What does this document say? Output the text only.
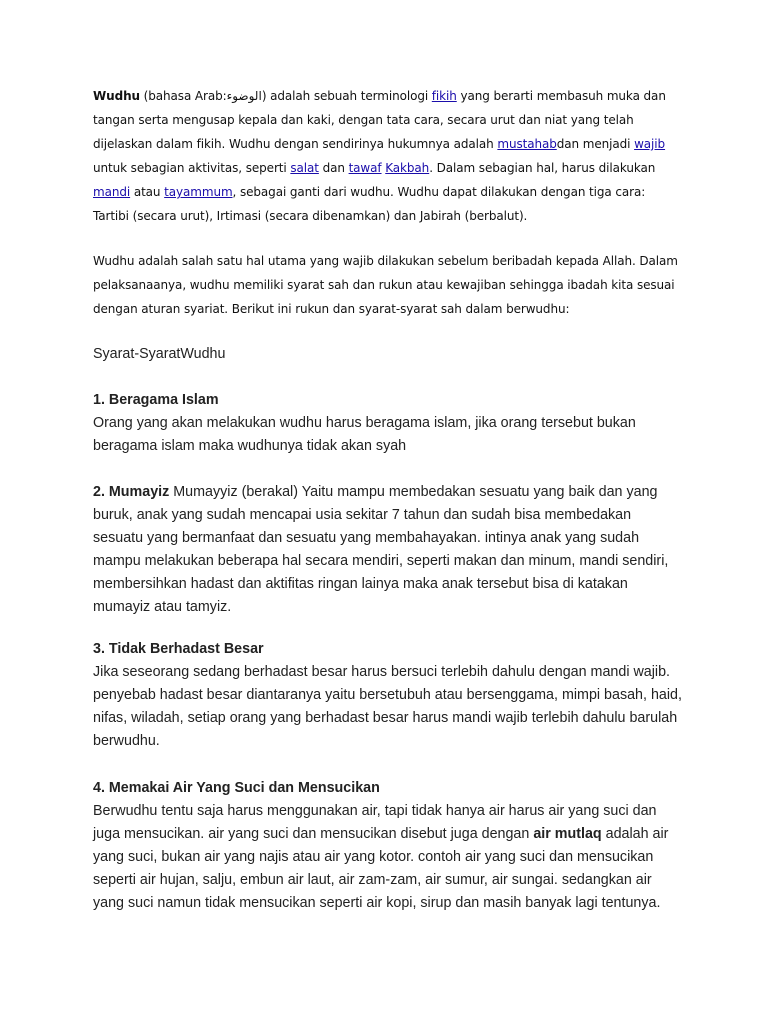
Wudhu (bahasa Arab:الوضوء) adalah sebuah terminologi fikih yang berarti membasuh muka dan tangan serta mengusap kepala dan kaki, dengan tata cara, secara urut dan niat yang telah dijelaskan dalam fikih. Wudhu dengan sendirinya hukumnya adalah mustahabdan menjadi wajib untuk sebagian aktivitas, seperti salat dan tawaf Kakbah. Dalam sebagian hal, harus dilakukan mandi atau tayammum, sebagai ganti dari wudhu. Wudhu dapat dilakukan dengan tiga cara: Tartibi (secara urut), Irtimasi (secara dibenamkan) dan Jabirah (berbalut).

Wudhu adalah salah satu hal utama yang wajib dilakukan sebelum beribadah kepada Allah. Dalam pelaksanaanya, wudhu memiliki syarat sah dan rukun atau kewajiban sehingga ibadah kita sesuai dengan aturan syariat. Berikut ini rukun dan syarat-syarat sah dalam berwudhu:

Syarat-SyaratWudhu

1. Beragama Islam

Orang yang akan melakukan wudhu harus beragama islam, jika orang tersebut bukan beragama islam maka wudhunya tidak akan syah

2. Mumayiz Mumayyiz (berakal) Yaitu mampu membedakan sesuatu yang baik dan yang buruk, anak yang sudah mencapai usia sekitar 7 tahun dan sudah bisa membedakan sesuatu yang bermanfaat dan sesuatu yang membahayakan. intinya anak yang sudah mampu melakukan beberapa hal secara mendiri, seperti makan dan minum, mandi sendiri, membersihkan hadast dan aktifitas ringan lainya maka anak tersebut bisa di katakan mumayiz atau tamyiz.

3. Tidak Berhadast Besar

Jika seseorang sedang berhadast besar harus bersuci terlebih dahulu dengan mandi wajib. penyebab hadast besar diantaranya yaitu bersetubuh atau bersenggama, mimpi basah, haid, nifas, wiladah, setiap orang yang berhadast besar harus mandi wajib terlebih dahulu barulah berwudhu.

4. Memakai Air Yang Suci dan Mensucikan

Berwudhu tentu saja harus menggunakan air, tapi tidak hanya air harus air yang suci dan juga mensucikan. air yang suci dan mensucikan disebut juga dengan air mutlaq adalah air yang suci, bukan air yang najis atau air yang kotor. contoh air yang suci dan mensucikan seperti air hujan, salju, embun air laut, air zam-zam, air sumur, air sungai. sedangkan air yang suci namun tidak mensucikan seperti air kopi, sirup dan masih banyak lagi tentunya.
